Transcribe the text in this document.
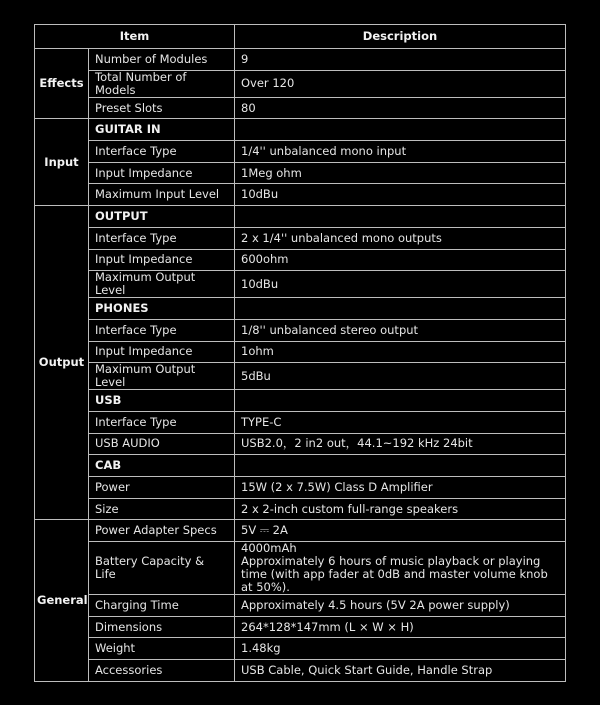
Item		Description
Effects	Number of Modules	9
	Total Number of Models	Over 120
	Preset Slots	80
Input	GUITAR IN	
	Interface Type	1/4'' unbalanced mono input
	Input Impedance	1Meg ohm
	Maximum Input Level	10dBu
Output	OUTPUT	
	Interface Type	2 x 1/4'' unbalanced mono outputs
	Input Impedance	600ohm
	Maximum Output Level	10dBu
	PHONES	
	Interface Type	1/8'' unbalanced stereo output
	Input Impedance	1ohm
	Maximum Output Level	5dBu
	USB	
	Interface Type	TYPE-C
	USB AUDIO	USB2.0，2 in2 out，44.1~192 kHz 24bit
	CAB	
	Power	15W (2 x 7.5W) Class D Amplifier
	Size	2 x 2-inch custom full-range speakers
General	Power Adapter Specs	5V ⎓ 2A
	Battery Capacity & Life	4000mAh
Approximately 6 hours of music playback or playing time (with app fader at 0dB and master volume knob at 50%).
	Charging Time	Approximately 4.5 hours (5V 2A power supply)
	Dimensions	264*128*147mm (L × W × H)
	Weight	1.48kg
	Accessories	USB Cable, Quick Start Guide, Handle Strap
